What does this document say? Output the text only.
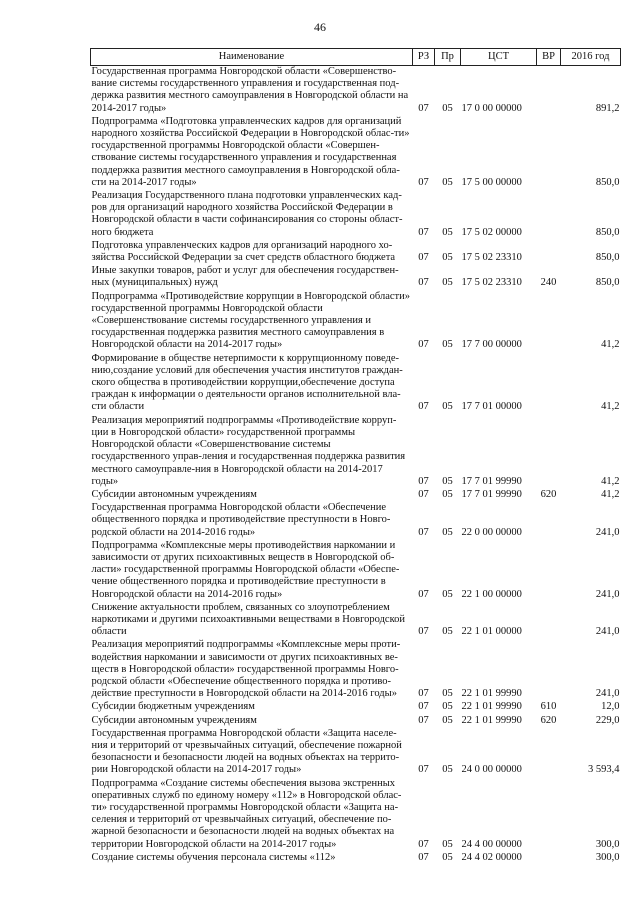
46
Наименование	РЗ	Пр	ЦСТ	ВР	2016 год
Государственная программа Новгородской области «Совершенство-вание системы государственного управления и государственная под-держка развития местного самоуправления в Новгородской области на 2014-2017 годы»	07	05	17 0 00 00000		891,2
Подпрограмма «Подготовка управленческих кадров для организаций народного хозяйства Российской Федерации в Новгородской облас-ти» государственной программы Новгородской области «Совершен-ствование системы государственного управления и государственная поддержка развития местного самоуправления в Новгородской обла-сти на 2014-2017 годы»	07	05	17 5 00 00000		850,0
Реализация Государственного плана подготовки управленческих кад-ров для организаций народного хозяйства Российской Федерации в Новгородской области в части софинансирования со стороны област-ного бюджета	07	05	17 5 02 00000		850,0
Подготовка управленческих кадров для организаций народного хо-зяйства Российской Федерации за счет средств областного бюджета	07	05	17 5 02 23310		850,0
Иные закупки товаров, работ и услуг для обеспечения государствен-ных (муниципальных) нужд	07	05	17 5 02 23310	240	850,0
Подпрограмма «Противодействие коррупции в Новгородской области» государственной программы Новгородской области «Совершенствование системы государственного управления и государственная поддержка развития местного самоуправления в Новгородской области на 2014-2017 годы»	07	05	17 7 00 00000		41,2
Формирование в обществе нетерпимости к коррупционному поведе-нию,создание условий для обеспечения участия институтов граждан-ского общества в противодействии коррупции,обеспечение доступа граждан к информации о деятельности органов исполнительной вла-сти области	07	05	17 7 01 00000		41,2
Реализация мероприятий подпрограммы «Противодействие корруп-ции в Новгородской области» государственной программы Новгородской области «Совершенствование системы государственного управ-ления и государственная поддержка развития местного самоуправле-ния в Новгородской области на 2014-2017 годы»	07	05	17 7 01 99990		41,2
Субсидии автономным учреждениям	07	05	17 7 01 99990	620	41,2
Государственная программа Новгородской области «Обеспечение общественного порядка и противодействие преступности в Новго-родской области на 2014-2016 годы»	07	05	22 0 00 00000		241,0
Подпрограмма «Комплексные меры противодействия наркомании и зависимости от других психоактивных веществ в Новгородской об-ласти» государственной программы Новгородской области «Обеспе-чение общественного порядка и противодействие преступности в Новгородской области на 2014-2016 годы»	07	05	22 1 00 00000		241,0
Снижение актуальности проблем, связанных со злоупотреблением наркотиками и другими психоактивными веществами в Новгородской области	07	05	22 1 01 00000		241,0
Реализация мероприятий подпрограммы «Комплексные меры проти-водействия наркомании и зависимости от других психоактивных ве-ществ в Новгородской области» государственной программы Новго-родской области «Обеспечение общественного порядка и противо-действие преступности в Новгородской области на 2014-2016 годы»	07	05	22 1 01 99990		241,0
Субсидии бюджетным учреждениям	07	05	22 1 01 99990	610	12,0
Субсидии автономным учреждениям	07	05	22 1 01 99990	620	229,0
Государственная программа Новгородской области «Защита населе-ния и территорий от чрезвычайных ситуаций, обеспечение пожарной безопасности и безопасности людей на водных объектах на террито-рии Новгородской области на 2014-2017 годы»	07	05	24 0 00 00000		3 593,4
Подпрограмма «Создание системы обеспечения вызова экстренных оперативных служб по единому номеру «112» в Новгородской облас-ти» государственной программы Новгородской области «Защита на-селения и территорий от чрезвычайных ситуаций, обеспечение по-жарной безопасности и безопасности людей на водных объектах на территории Новгородской области на 2014-2017 годы»	07	05	24 4 00 00000		300,0
Создание системы обучения персонала системы «112»	07	05	24 4 02 00000		300,0
